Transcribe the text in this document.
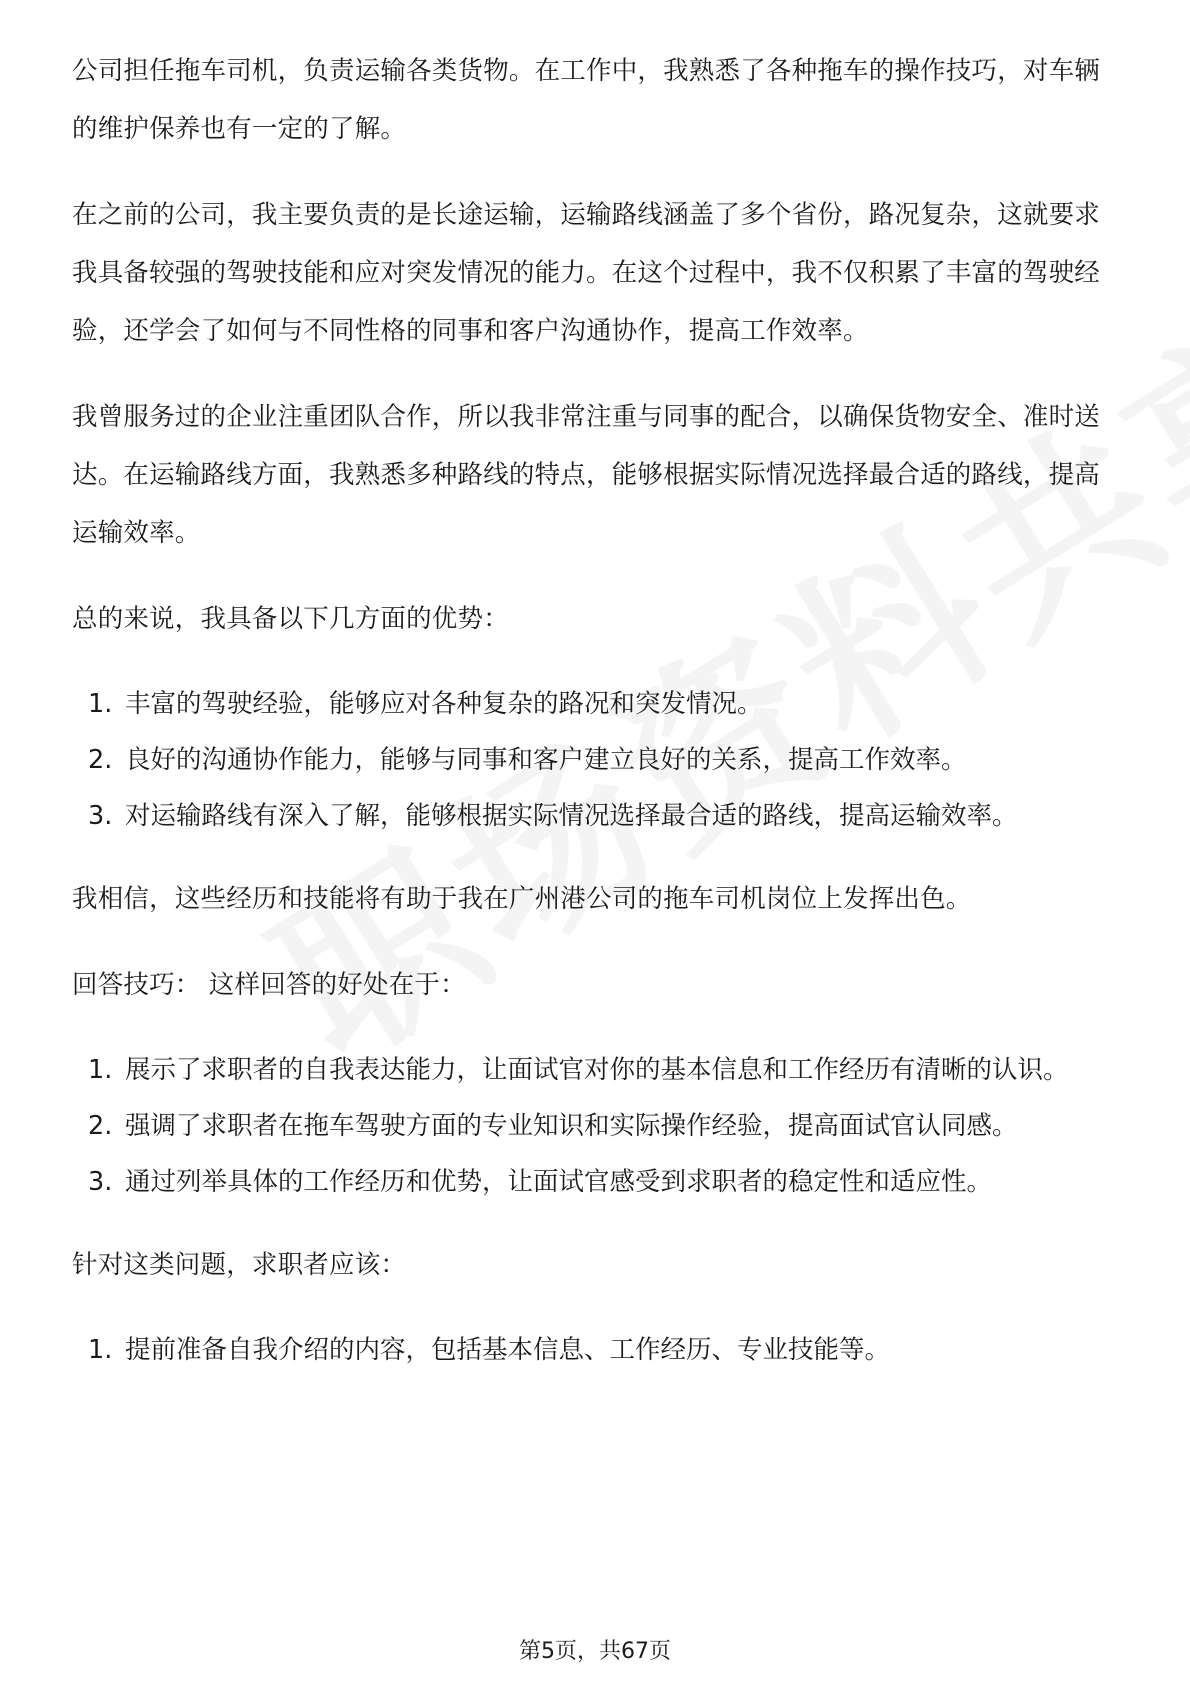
公司担任拖车司机，负责运输各类货物。在工作中，我熟悉了各种拖车的操作技巧，对车辆的维护保养也有一定的了解。

在之前的公司，我主要负责的是长途运输，运输路线涵盖了多个省份，路况复杂，这就要求我具备较强的驾驶技能和应对突发情况的能力。在这个过程中，我不仅积累了丰富的驾驶经验，还学会了如何与不同性格的同事和客户沟通协作，提高工作效率。

我曾服务过的企业注重团队合作，所以我非常注重与同事的配合，以确保货物安全、准时送达。在运输路线方面，我熟悉多种路线的特点，能够根据实际情况选择最合适的路线，提高运输效率。

总的来说，我具备以下几方面的优势：

1. 丰富的驾驶经验，能够应对各种复杂的路况和突发情况。
2. 良好的沟通协作能力，能够与同事和客户建立良好的关系，提高工作效率。
3. 对运输路线有深入了解，能够根据实际情况选择最合适的路线，提高运输效率。

我相信，这些经历和技能将有助于我在广州港公司的拖车司机岗位上发挥出色。

回答技巧： 这样回答的好处在于：

1. 展示了求职者的自我表达能力，让面试官对你的基本信息和工作经历有清晰的认识。
2. 强调了求职者在拖车驾驶方面的专业知识和实际操作经验，提高面试官认同感。
3. 通过列举具体的工作经历和优势，让面试官感受到求职者的稳定性和适应性。

针对这类问题，求职者应该：

1. 提前准备自我介绍的内容，包括基本信息、工作经历、专业技能等。
第5页，共67页
